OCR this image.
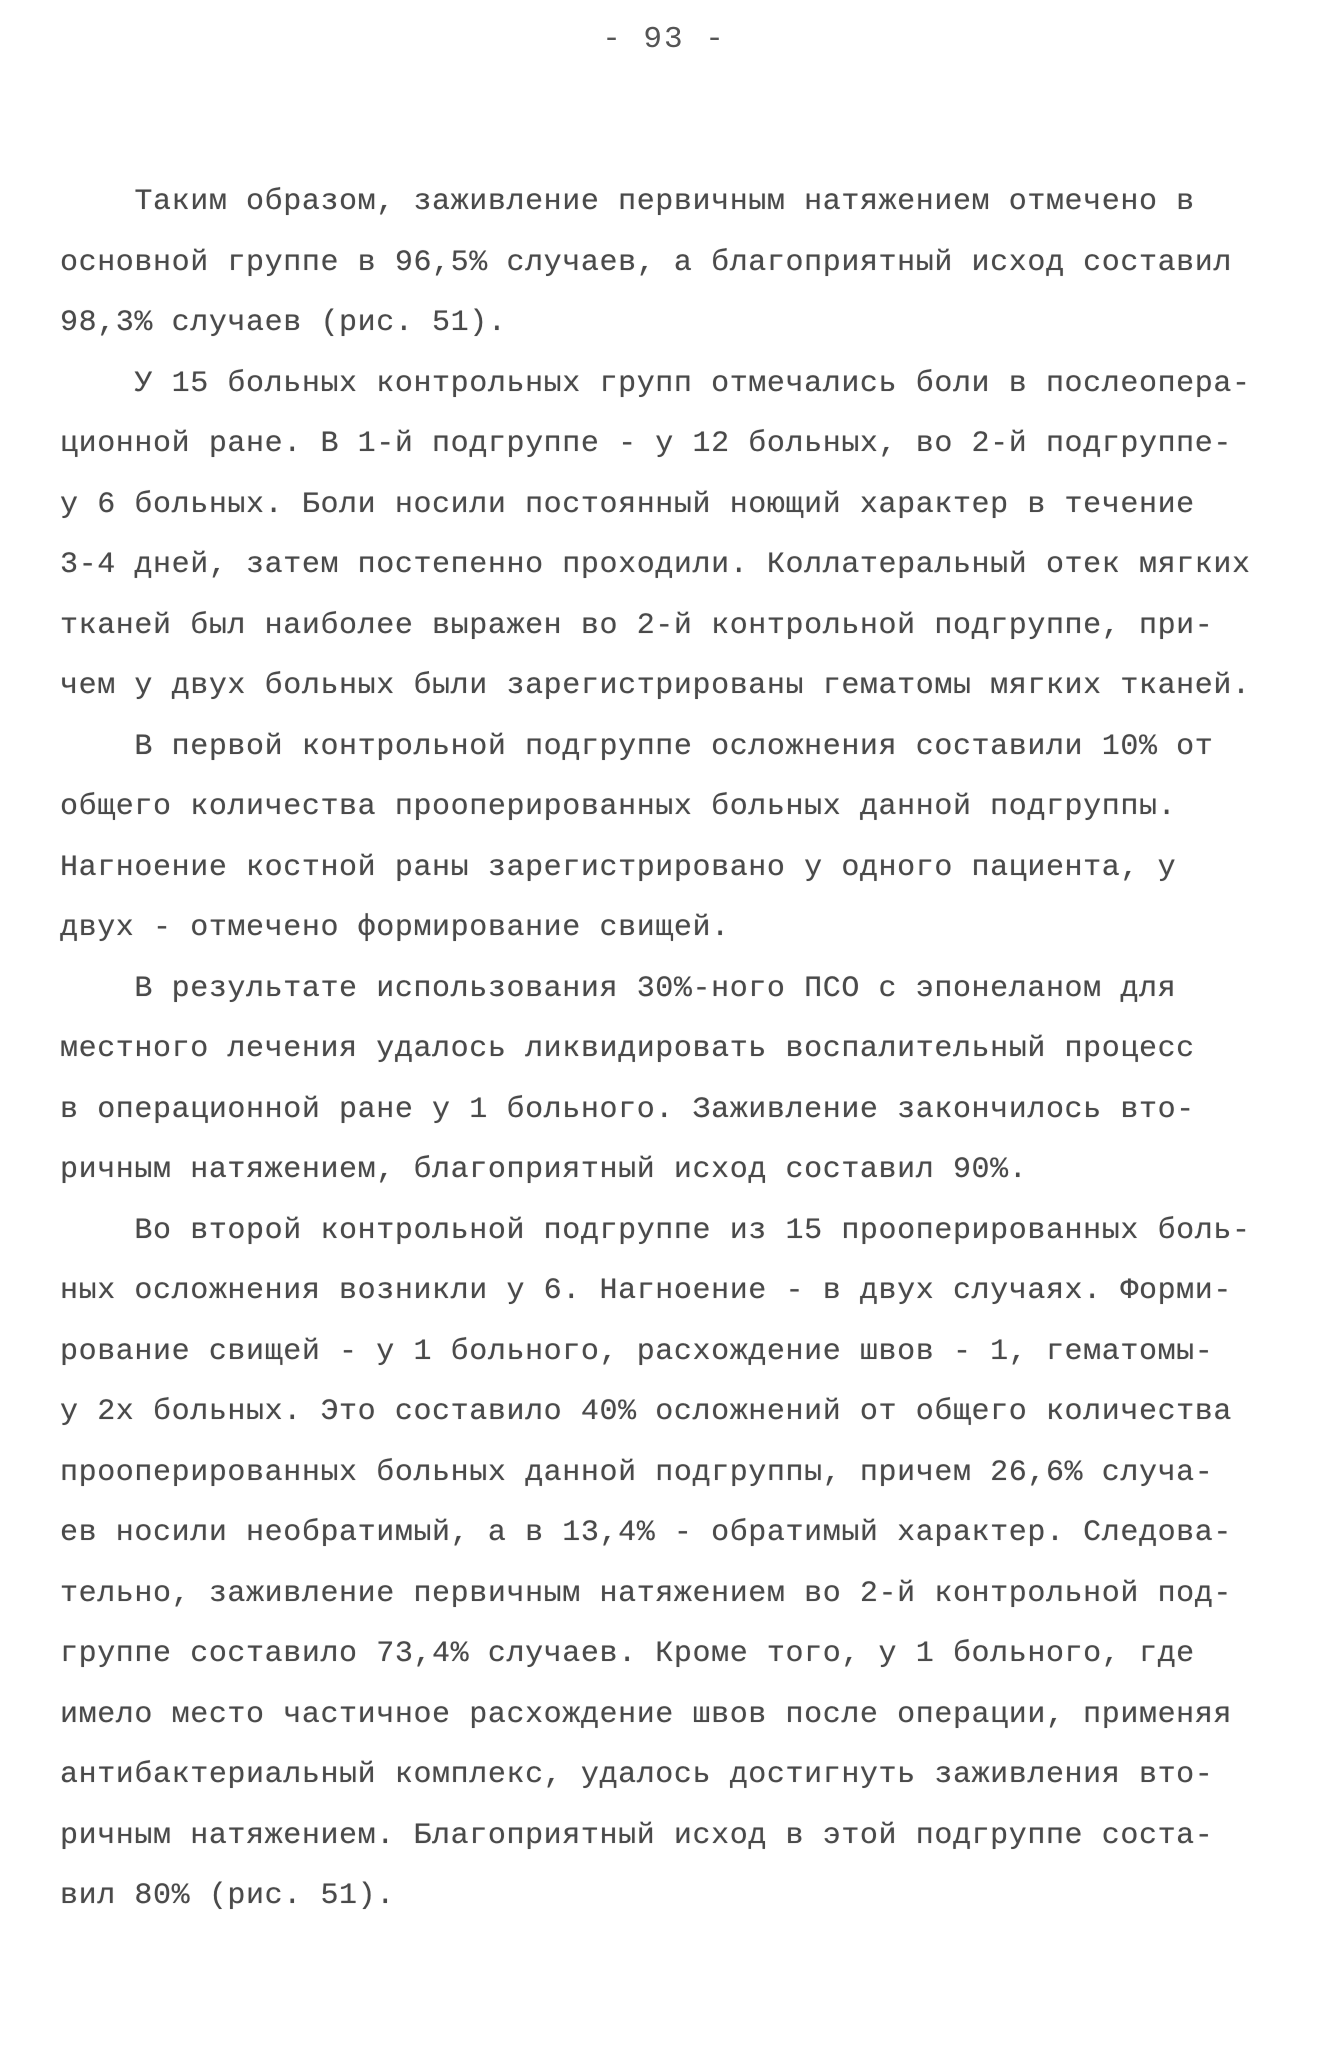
- 93 -
Таким образом, заживление первичным натяжением отмечено в
основной группе в 96,5% случаев, а благоприятный исход составил
98,3% случаев (рис. 51).
У 15 больных контрольных групп отмечались боли в послеопера-
ционной ране. В 1-й подгруппе - у 12 больных, во 2-й подгруппе-
у 6 больных. Боли носили постоянный ноющий характер в течение
3-4 дней, затем постепенно проходили. Коллатеральный отек мягких
тканей был наиболее выражен во 2-й контрольной подгруппе, при-
чем у двух больных были зарегистрированы гематомы мягких тканей.
В первой контрольной подгруппе осложнения составили 10% от
общего количества прооперированных больных данной подгруппы.
Нагноение костной раны зарегистрировано у одного пациента, у
двух - отмечено формирование свищей.
В результате использования 30%-ного ПСО с эпонеланом для
местного лечения удалось ликвидировать воспалительный процесс
в операционной ране у 1 больного. Заживление закончилось вто-
ричным натяжением, благоприятный исход составил 90%.
Во второй контрольной подгруппе из 15 прооперированных боль-
ных осложнения возникли у 6. Нагноение - в двух случаях. Форми-
рование свищей - у 1 больного, расхождение швов - 1, гематомы-
у 2х больных. Это составило 40% осложнений от общего количества
прооперированных больных данной подгруппы, причем 26,6% случа-
ев носили необратимый, а в 13,4% - обратимый характер. Следова-
тельно, заживление первичным натяжением во 2-й контрольной под-
группе составило 73,4% случаев. Кроме того, у 1 больного, где
имело место частичное расхождение швов после операции, применяя
антибактериальный комплекс, удалось достигнуть заживления вто-
ричным натяжением. Благоприятный исход в этой подгруппе соста-
вил 80% (рис. 51).
